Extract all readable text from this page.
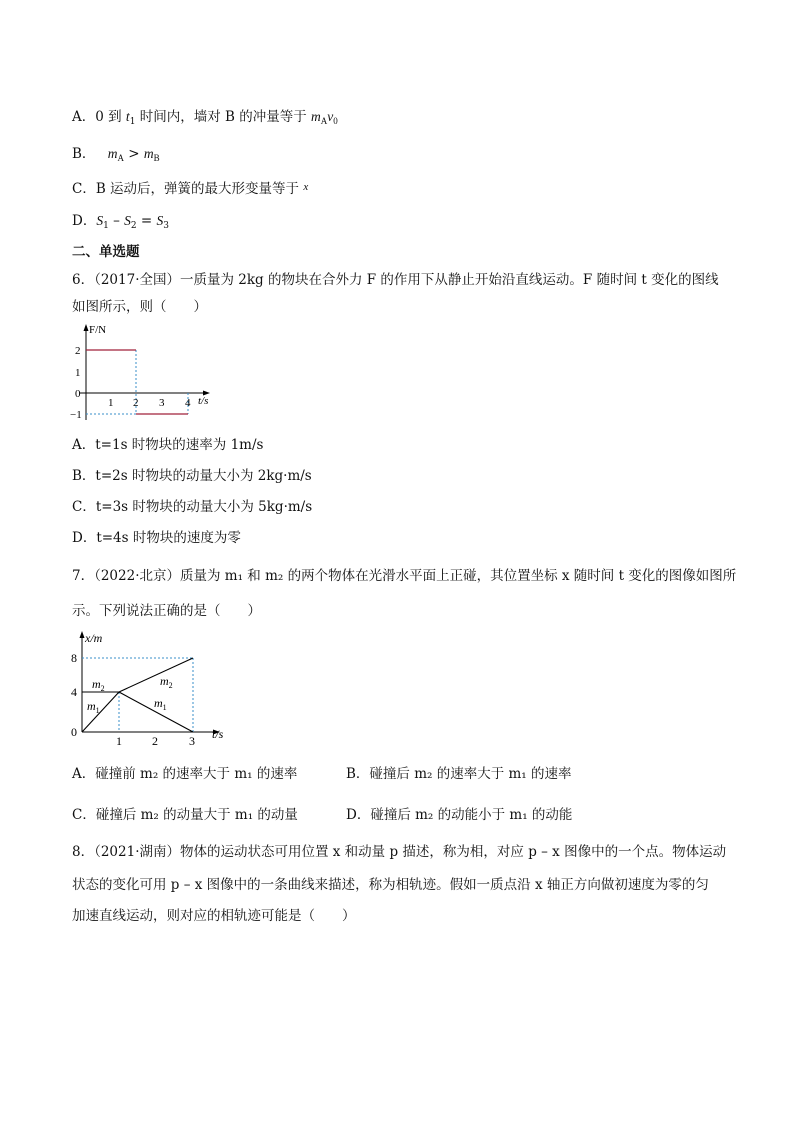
A．0 到 $t_1$ 时间内，墙对 B 的冲量等于 $m_Av_0$
B． $m_A > m_B$
C．B 运动后，弹簧的最大形变量等于 $^x$
D．$S_1 - S_2 = S_3$
二、单选题
6．（2017·全国）一质量为 2kg 的物块在合外力 F 的作用下从静止开始沿直线运动。F 随时间 t 变化的图线
如图所示，则（　　）
F/N
t/s
2
1
0
−1
1 2 3 4
A．t=1s 时物块的速率为 1m/s
B．t=2s 时物块的动量大小为 2kg·m/s
C．t=3s 时物块的动量大小为 5kg·m/s
D．t=4s 时物块的速度为零
7．（2022·北京）质量为 m₁ 和 m₂ 的两个物体在光滑水平面上正碰，其位置坐标 x 随时间 t 变化的图像如图所
示。下列说法正确的是（　　）
x/m
t/s
8
4
0
1	2	3
$m_2$
$m_1$
$m_2$
$m_1$
A．碰撞前 m₂ 的速率大于 m₁ 的速率	B．碰撞后 m₂ 的速率大于 m₁ 的速率
C．碰撞后 m₂ 的动量大于 m₁ 的动量	D．碰撞后 m₂ 的动能小于 m₁ 的动能
8．（2021·湖南）物体的运动状态可用位置 x 和动量 p 描述，称为相，对应 p – x 图像中的一个点。物体运动
状态的变化可用 p – x 图像中的一条曲线来描述，称为相轨迹。假如一质点沿 x 轴正方向做初速度为零的匀
加速直线运动，则对应的相轨迹可能是（　　）
